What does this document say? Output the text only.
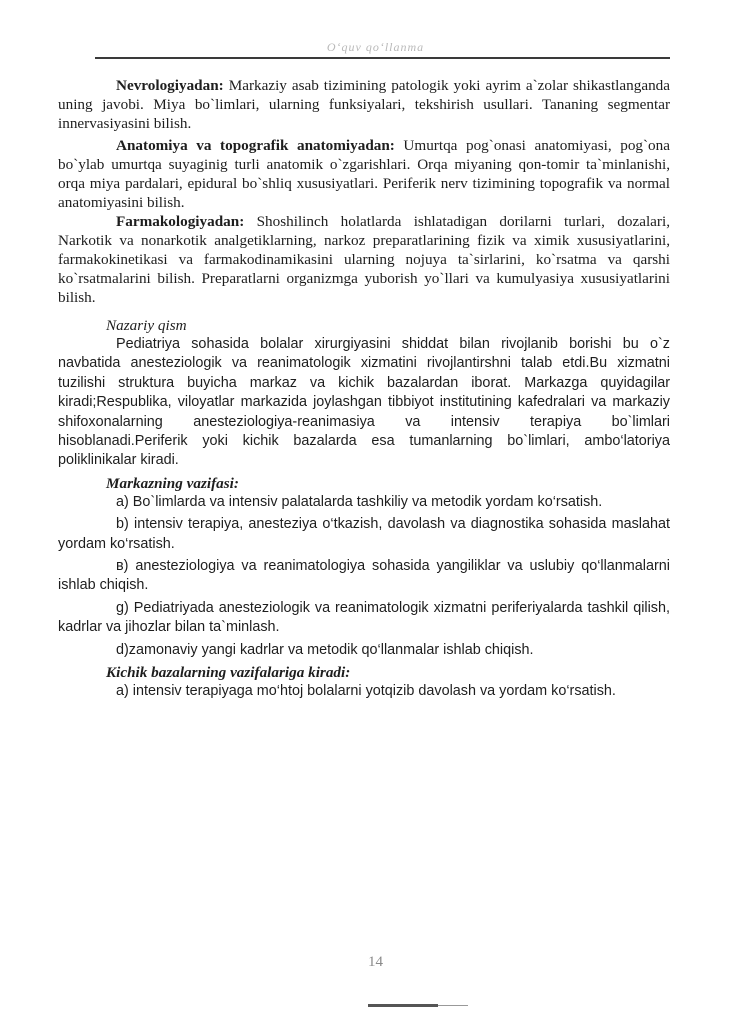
Oʻquv qoʻllanma

Nevrologiyadan: Markaziy asab tizimining patologik yoki ayrim a`zolar shikastlanganda uning javobi. Miya bo`limlari, ularning funksiyalari, tekshirish usullari. Tananing segmentar innervasiyasini bilish.

Anatomiya va topografik anatomiyadan: Umurtqa pog`onasi anatomiyasi, pog`ona bo`ylab umurtqa suyaginig turli anatomik o`zgarishlari. Orqa miyaning qon-tomir ta`minlanishi, orqa miya pardalari, epidural bo`shliq xususiyatlari. Periferik nerv tizimining topografik va normal anatomiyasini bilish.

Farmakologiyadan: Shoshilinch holatlarda ishlatadigan dorilarni turlari, dozalari, Narkotik va nonarkotik analgetiklarning, narkoz preparatlarining fizik va ximik xususiyatlarini, farmakokinetikasi va farmakodinamikasini ularning nojuya ta`sirlarini, ko`rsatma va qarshi ko`rsatmalarini bilish. Preparatlarni organizmga yuborish yo`llari va kumulyasiya xususiyatlarini bilish.

Nazariy qism

Pediatriya sohasida bolalar xirurgiyasini shiddat bilan rivojlanib borishi bu o`z navbatida anesteziologik va reanimatologik xizmatini rivojlantirshni talab etdi.Bu xizmatni tuzilishi struktura buyicha markaz va kichik bazalardan iborat. Markazga quyidagilar kiradi;Respublika, viloyatlar markazida joylashgan tibbiyot institutining kafedralari va markaziy shifoxonalarning anesteziologiya-reanimasiya va intensiv terapiya bo`limlari hisoblanadi.Periferik yoki kichik bazalarda esa tumanlarning bo`limlari, ambo‘latoriya poliklinikalar kiradi.

Markazning vazifasi:

a) Bo`limlarda va intensiv palatalarda tashkiliy va metodik yordam ko‘rsatish.

b) intensiv terapiya, anesteziya o‘tkazish, davolash va diagnostika sohasida maslahat yordam ko‘rsatish.

в) anesteziologiya va reanimatologiya sohasida yangiliklar va uslubiy qo‘llanmalarni ishlab chiqish.

g) Pediatriyada anesteziologik va reanimatologik xizmatni periferiyalarda tashkil qilish, kadrlar va jihozlar bilan ta`minlash.

d)zamonaviy yangi kadrlar va metodik qo‘llanmalar ishlab chiqish.

Kichik bazalarning vazifalariga kiradi:

a) intensiv terapiyaga mo‘htoj bolalarni yotqizib davolash va yordam ko‘rsatish.

14
